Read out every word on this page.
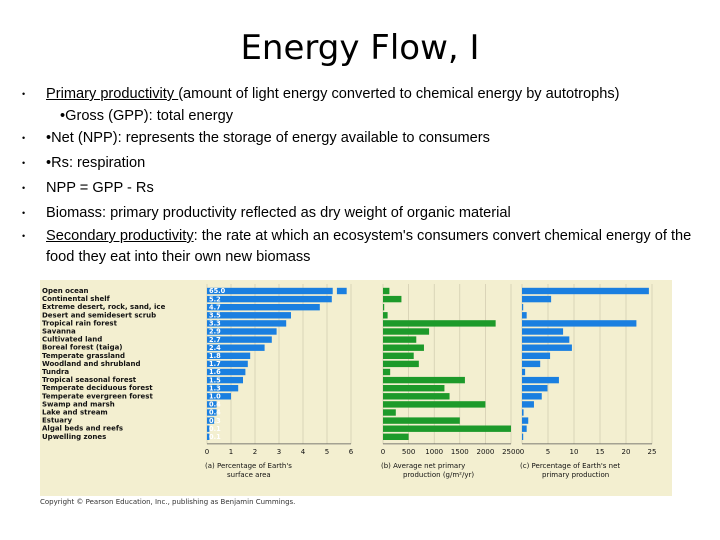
Energy Flow, I
•	Primary productivity (amount of light energy converted to chemical energy by autotrophs)
•Gross (GPP): total energy
•	•Net (NPP): represents the storage of energy available to consumers
•	•Rs: respiration
•	NPP = GPP - Rs
•	Biomass: primary productivity reflected as dry weight of organic material
•	Secondary productivity: the rate at which an ecosystem's consumers convert chemical energy of the food they eat into their own new biomass
Open ocean
Continental shelf
Extreme desert, rock, sand, ice
Desert and semidesert scrub
Tropical rain forest
Savanna
Cultivated land
Boreal forest (taiga)
Temperate grassland
Woodland and shrubland
Tundra
Tropical seasonal forest
Temperate deciduous forest
Temperate evergreen forest
Swamp and marsh
Lake and stream
Estuary
Algal beds and reefs
Upwelling zones
0	1	2	3	4	5	6
65.0
5.2
4.7
3.5
3.3
2.9
2.7
2.4
1.8
1.7
1.6
1.5
1.3
1.0
0.4
0.4
0.3
0.1
0.1
(a) Percentage of Earth's
surface area
0 500 1000 1500 2000 2500
(b) Average net primary
production (g/m²/yr)
0	5	10 15 20 25
(c) Percentage of Earth's net
primary production
Copyright © Pearson Education, Inc., publishing as Benjamin Cummings.
